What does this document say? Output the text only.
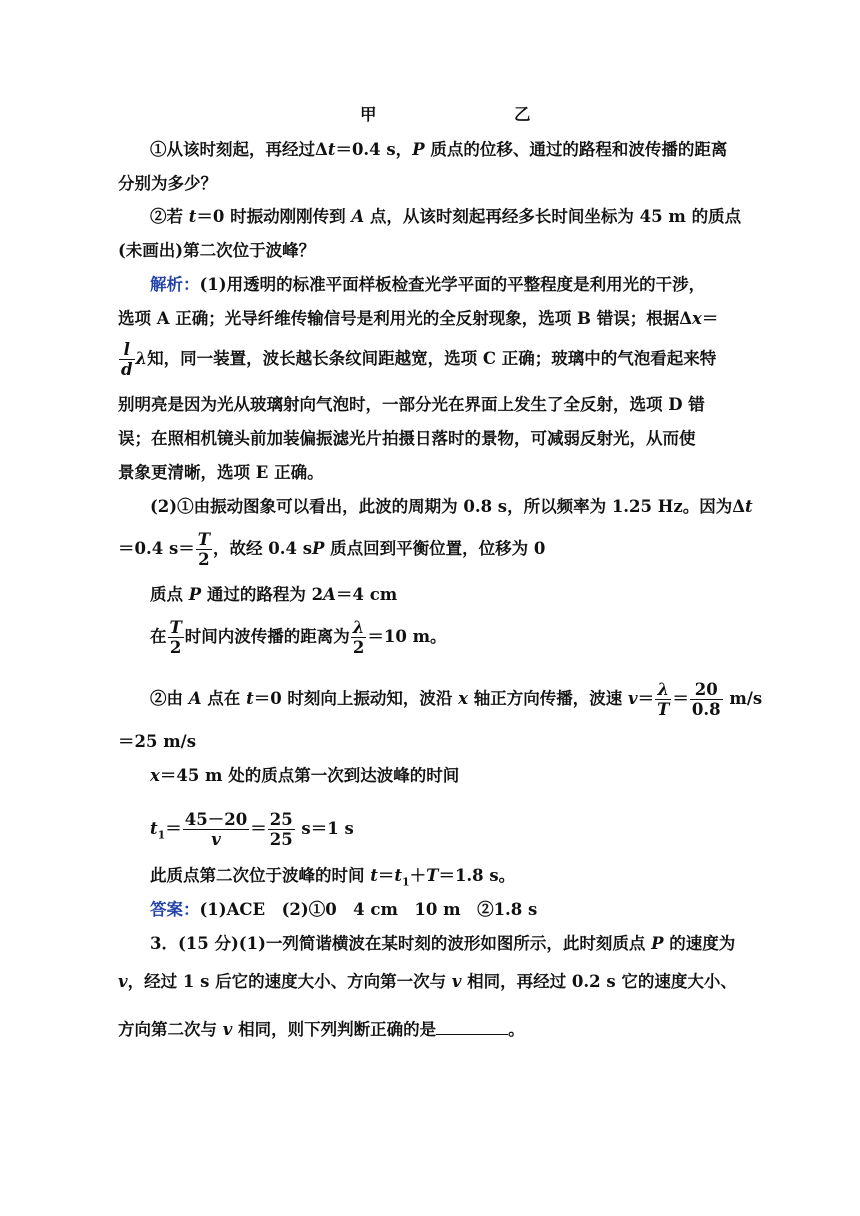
甲	乙
①从该时刻起，再经过Δt＝0.4 s，P 质点的位移、通过的路程和波传播的距离
分别为多少？
②若 t＝0 时振动刚刚传到 A 点，从该时刻起再经多长时间坐标为 45 m 的质点
(未画出)第二次位于波峰？
解析：(1)用透明的标准平面样板检查光学平面的平整程度是利用光的干涉，
选项 A 正确；光导纤维传输信号是利用光的全反射现象，选项 B 错误；根据Δx＝
$\frac{l}{d}$ λ知，同一装置，波长越长条纹间距越宽，选项 C 正确；玻璃中的气泡看起来特
别明亮是因为光从玻璃射向气泡时，一部分光在界面上发生了全反射，选项 D 错
误；在照相机镜头前加装偏振滤光片拍摄日落时的景物，可减弱反射光，从而使
景象更清晰，选项 E 正确。
(2)①由振动图象可以看出，此波的周期为 0.8 s，所以频率为 1.25 Hz。因为Δt
＝0.4 $s= \frac{T}{2}$ ，故经 0.4 sP 质点回到平衡位置，位移为 0
质点 P 通过的路程为 2A＝4 cm
在 $\frac{T}{2}$ 时间内波传播的距离为 $\frac{\lambda}{2} =10$ m。
②由 A 点在 t＝0 时刻向上振动知，波沿 x 轴正方向传播，波速 $v= \frac{\lambda}{T} = \frac{20}{0.8} m/s$
＝25 m/s
x＝45 m 处的质点第一次到达波峰的时间
$t_1= \frac{45-20}{v} = \frac{25}{25} s=1$ s
此质点第二次位于波峰的时间 $t=t_1+T=1.8$ s。
答案：(1)ACE　(2)①0　4 cm　10 m　②1.8 s
3．(15 分)(1)一列简谐横波在某时刻的波形如图所示，此时刻质点 P 的速度为
v，经过 1 s 后它的速度大小、方向第一次与 v 相同，再经过 0.2 s 它的速度大小、
方向第二次与 v 相同，则下列判断正确的是	。
